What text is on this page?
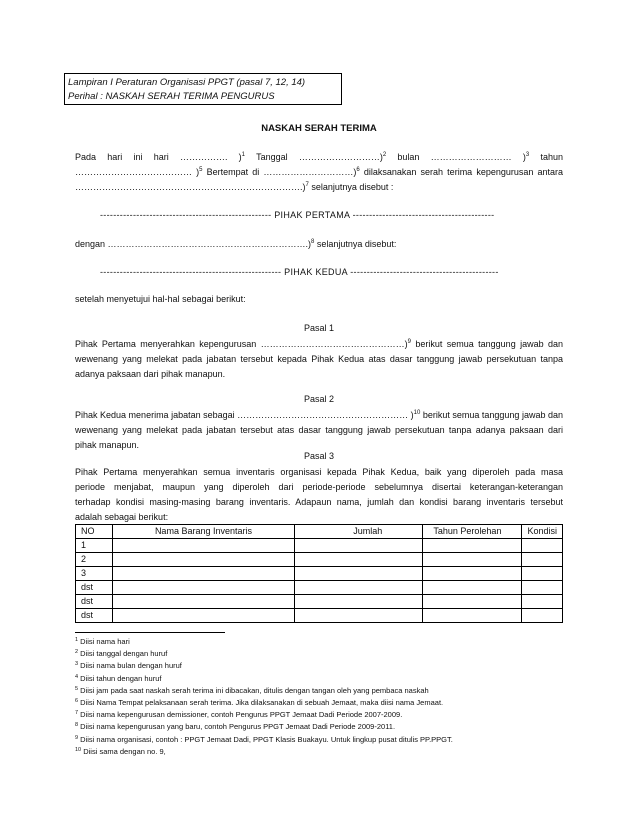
Lampiran I Peraturan Organisasi PPGT (pasal 7, 12, 14)
Perihal : NASKAH SERAH TERIMA PENGURUS
NASKAH SERAH TERIMA
Pada hari ini hari ……………. )$^1$ Tanggal ………………………)$^2$ bulan ……………………… )$^3$ tahun
………………………………… )$^5$ Bertempat di …………………………)$^6$ dilaksanakan serah terima kepengurusan antara
………………………………………………………………….)$^7$ selanjutnya disebut :
---------------------------------------------------- PIHAK PERTAMA -------------------------------------------
dengan ………………………………………………………….)$^8$ selanjutnya disebut:
------------------------------------------------------- PIHAK KEDUA ---------------------------------------------
setelah menyetujui hal-hal sebagai berikut:
Pasal 1
Pihak Pertama menyerahkan kepengurusan …………………………………………)$^9$ berikut semua tanggung jawab dan
wewenang yang melekat pada jabatan tersebut kepada Pihak Kedua atas dasar tanggung jawab persekutuan tanpa
adanya paksaan dari pihak manapun.
Pasal 2
Pihak Kedua menerima jabatan sebagai ………………………………………………… )$^{10}$ berikut semua tanggung jawab dan
wewenang yang melekat pada jabatan tersebut atas dasar tanggung jawab persekutuan tanpa adanya paksaan dari
pihak manapun.
Pasal 3
Pihak Pertama menyerahkan semua inventaris organisasi kepada Pihak Kedua, baik yang diperoleh pada masa
periode menjabat, maupun yang diperoleh dari periode-periode sebelumnya disertai keterangan-keterangan
terhadap kondisi masing-masing barang inventaris. Adapaun nama, jumlah dan kondisi barang inventaris tersebut
adalah sebagai berikut:
NO	Nama Barang Inventaris	Jumlah	Tahun Perolehan	Kondisi
1				
2				
3				
dst				
dst				
dst				
$^1$ Diisi nama hari
$^2$ Diisi tanggal dengan huruf
$^3$ Diisi nama bulan dengan huruf
$^4$ Diisi tahun dengan huruf
$^5$ Diisi jam pada saat naskah serah terima ini dibacakan, ditulis dengan tangan oleh yang pembaca naskah
$^6$ Diisi Nama Tempat pelaksanaan serah terima. Jika dilaksanakan di sebuah Jemaat, maka diisi nama Jemaat.
$^7$ Diisi nama kepengurusan demissioner, contoh Pengurus PPGT Jemaat Dadi Periode 2007-2009.
$^8$ Diisi nama kepengurusan yang baru, contoh Pengurus PPGT Jemaat Dadi Periode 2009-2011.
$^9$ Diisi nama organisasi, contoh : PPGT Jemaat Dadi, PPGT Klasis Buakayu. Untuk lingkup pusat ditulis PP.PPGT.
$^{10}$ Diisi sama dengan no. 9,
